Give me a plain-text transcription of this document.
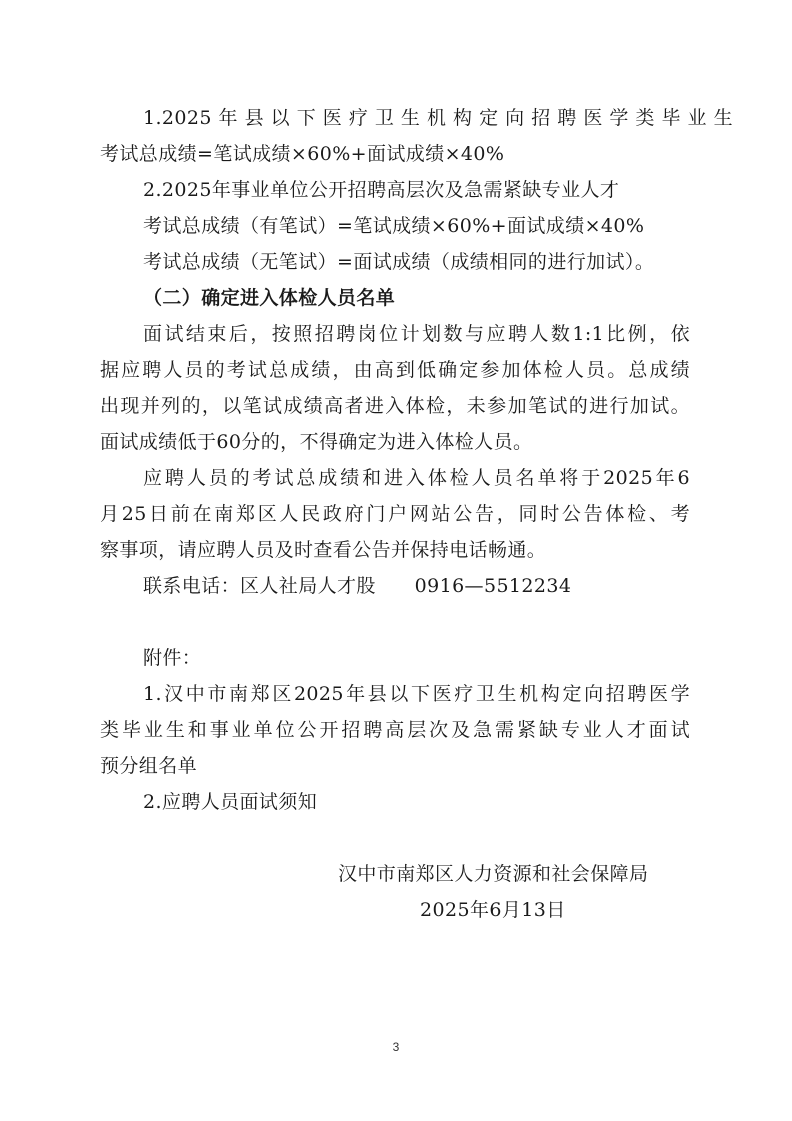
1.2025年县以下医疗卫生机构定向招聘医学类毕业生
考试总成绩=笔试成绩×60%+面试成绩×40%
2.2025年事业单位公开招聘高层次及急需紧缺专业人才
考试总成绩（有笔试）=笔试成绩×60%+面试成绩×40%
考试总成绩（无笔试）=面试成绩（成绩相同的进行加试）。
（二）确定进入体检人员名单
面试结束后，按照招聘岗位计划数与应聘人数1:1比例，依
据应聘人员的考试总成绩，由高到低确定参加体检人员。总成绩
出现并列的，以笔试成绩高者进入体检，未参加笔试的进行加试。
面试成绩低于60分的，不得确定为进入体检人员。
应聘人员的考试总成绩和进入体检人员名单将于2025年6
月25日前在南郑区人民政府门户网站公告，同时公告体检、考
察事项，请应聘人员及时查看公告并保持电话畅通。
联系电话：区人社局人才股　　0916—5512234
附件：
1.汉中市南郑区2025年县以下医疗卫生机构定向招聘医学
类毕业生和事业单位公开招聘高层次及急需紧缺专业人才面试
预分组名单
2.应聘人员面试须知
汉中市南郑区人力资源和社会保障局
2025年6月13日
3
